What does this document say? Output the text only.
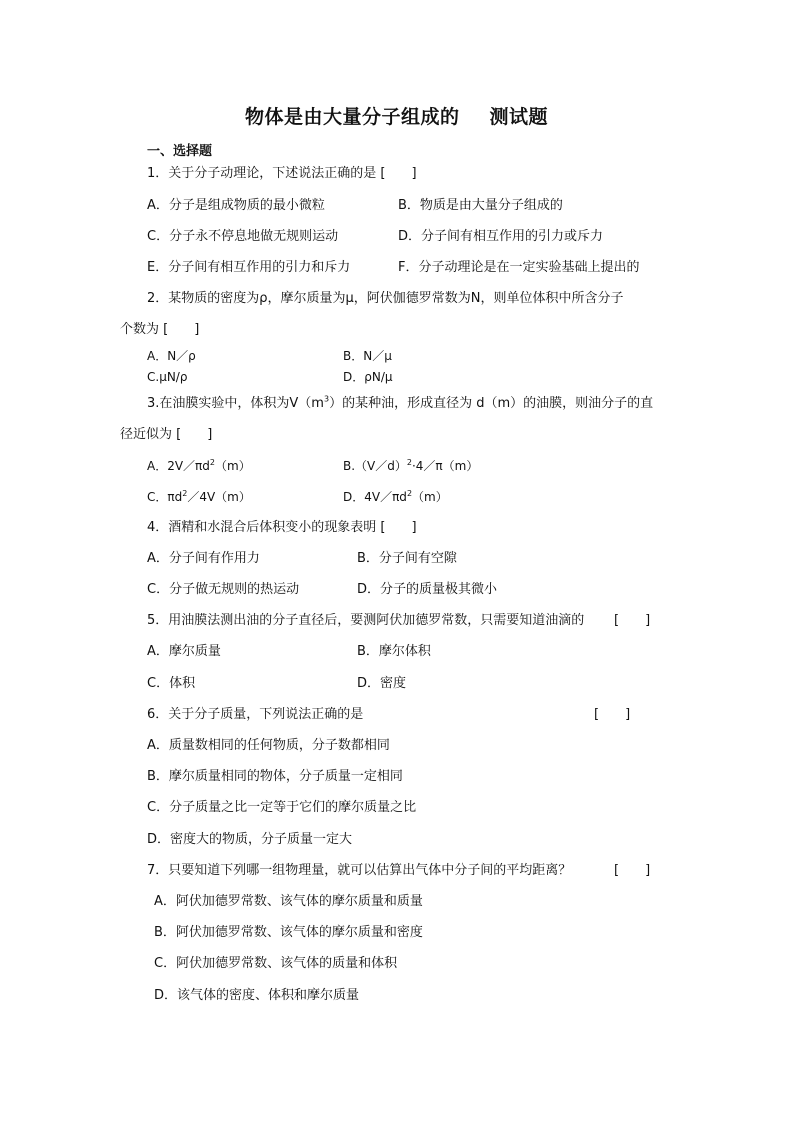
物体是由大量分子组成的 测试题
一、选择题
1．关于分子动理论，下述说法正确的是 [　　]
A．分子是组成物质的最小微粒	B．物质是由大量分子组成的
C．分子永不停息地做无规则运动	D．分子间有相互作用的引力或斥力
E．分子间有相互作用的引力和斥力	F．分子动理论是在一定实验基础上提出的
2．某物质的密度为ρ，摩尔质量为μ，阿伏伽德罗常数为N，则单位体积中所含分子
个数为 [　　]
A．N／ρ	B．N／μ
C.μN/ρ	D．ρN/μ
3.在油膜实验中，体积为$V(m^3)$的某种油，形成直径为 d（m）的油膜，则油分子的直
径近似为 [　　]
A．$2V/\pi d^2(m)$	B.（V／d）$^2$·4／π（m）
C．$\pi d^2/4V(m)$	D．$4V/\pi d^2(m)$
4．酒精和水混合后体积变小的现象表明 [　　]
A．分子间有作用力	B．分子间有空隙
C．分子做无规则的热运动	D．分子的质量极其微小
5．用油膜法测出油的分子直径后，要测阿伏加德罗常数，只需要知道油滴的 [　　]
A．摩尔质量	B．摩尔体积
C．体积	D．密度
6．关于分子质量，下列说法正确的是	[　　]
A．质量数相同的任何物质，分子数都相同
B．摩尔质量相同的物体，分子质量一定相同
C．分子质量之比一定等于它们的摩尔质量之比
D．密度大的物质，分子质量一定大
7．只要知道下列哪一组物理量，就可以估算出气体中分子间的平均距离？	[　　]
A．阿伏加德罗常数、该气体的摩尔质量和质量
B．阿伏加德罗常数、该气体的摩尔质量和密度
C．阿伏加德罗常数、该气体的质量和体积
D．该气体的密度、体积和摩尔质量
